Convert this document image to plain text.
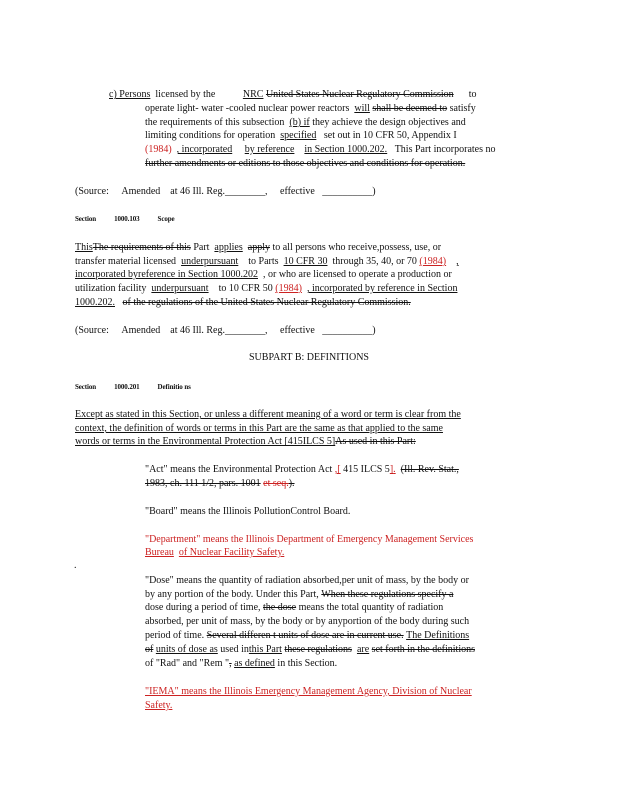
c) Persons licensed by the	NRC United States Nuclear Regulatory Commission to
operate light- water -cooled nuclear power reactors will shall be deemed to satisfy
the requirements of this subsection (b) if they achieve the design objectives and
limiting conditions for operation specified set out in 10 CFR 50, Appendix I
(1984) , incorporated by reference in Section 1000.202. This Part incorporates no
further amendments or editions to those objectives and conditions for operation.
(Source: Amended at 46 Ill. Reg.________, effective __________)
Section	1000.103	Scope
ThisThe requirements of this Part applies apply to all persons who receive,possess, use, or
transfer material licensed underpursuant to Parts 10 CFR 30 through 35, 40, or 70 (1984) ,
incorporated byreference in Section 1000.202 , or who are licensed to operate a production or
utilization facility underpursuant to 10 CFR 50 (1984) , incorporated by reference in Section
1000.202. of the regulations of the United States Nuclear Regulatory Commission.
(Source: Amended at 46 Ill. Reg.________, effective __________)
SUBPART B: DEFINITIONS
Section	1000.201	Definitio ns
Except as stated in this Section, or unless a different meaning of a word or term is clear from the
context, the definition of words or terms in this Part are the same as that applied to the same
words or terms in the Environmental Protection Act [415ILCS 5]As used in this Part:
"Act" means the Environmental Protection Act ,[ 415 ILCS 5]. (Ill. Rev. Stat.,
1983, ch. 111 1/2, pars. 1001 et seq.).
"Board" means the Illinois PollutionControl Board.
"Department" means the Illinois Department of Emergency Management Services
Bureau of Nuclear Facility Safety.
.
"Dose" means the quantity of radiation absorbed,per unit of mass, by the body or
by any portion of the body. Under this Part, When these regulations specify a
dose during a period of time, the dose means the total quantity of radiation
absorbed, per unit of mass, by the body or by anyportion of the body during such
period of time. Several differen t units of dose are in current use. The Definitions
of units of dose as used inthis Part these regulations are set forth in the definitions
of "Rad" and "Rem ", as defined in this Section.
"IEMA" means the Illinois Emergency Management Agency, Division of Nuclear
Safety.
